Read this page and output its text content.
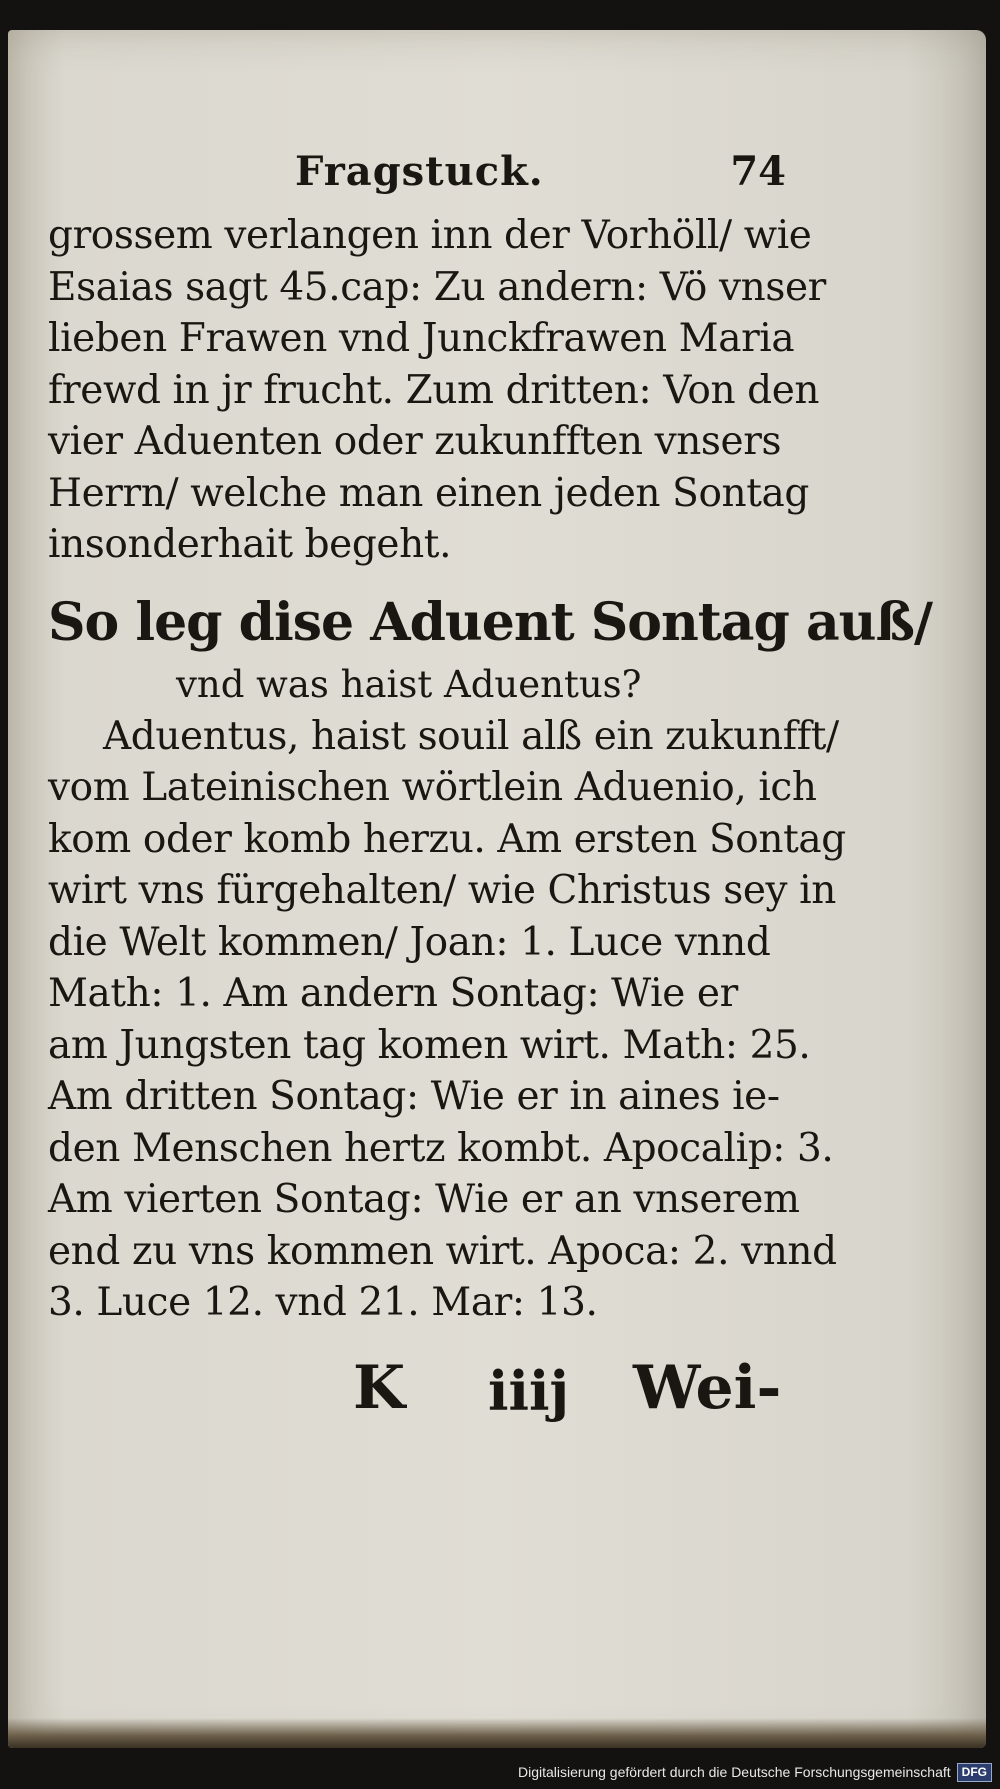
Fragstuck.	74
grossem verlangen inn der Vorhöll/ wie
Esaias sagt 45.cap: Zu andern: Vö vnser
lieben Frawen vnd Junckfrawen Maria
frewd in jr frucht. Zum dritten: Von den
vier Aduenten oder zukunfften vnsers
Herrn/ welche man einen jeden Sontag
insonderhait begeht.
So leg dise Aduent Sontag auß/
vnd was haist Aduentus?
Aduentus, haist souil alß ein zukunfft/
vom Lateinischen wörtlein Aduenio, ich
kom oder komb herzu. Am ersten Sontag
wirt vns fürgehalten/ wie Christus sey in
die Welt kommen/ Joan: 1. Luce vnnd
Math: 1. Am andern Sontag: Wie er
am Jungsten tag komen wirt. Math: 25.
Am dritten Sontag: Wie er in aines ie-
den Menschen hertz kombt. Apocalip: 3.
Am vierten Sontag: Wie er an vnserem
end zu vns kommen wirt. Apoca: 2. vnnd
3. Luce 12. vnd 21. Mar: 13.
K iiij Wei-
Digitalisierung gefördert durch die Deutsche Forschungsgemeinschaft DFG
